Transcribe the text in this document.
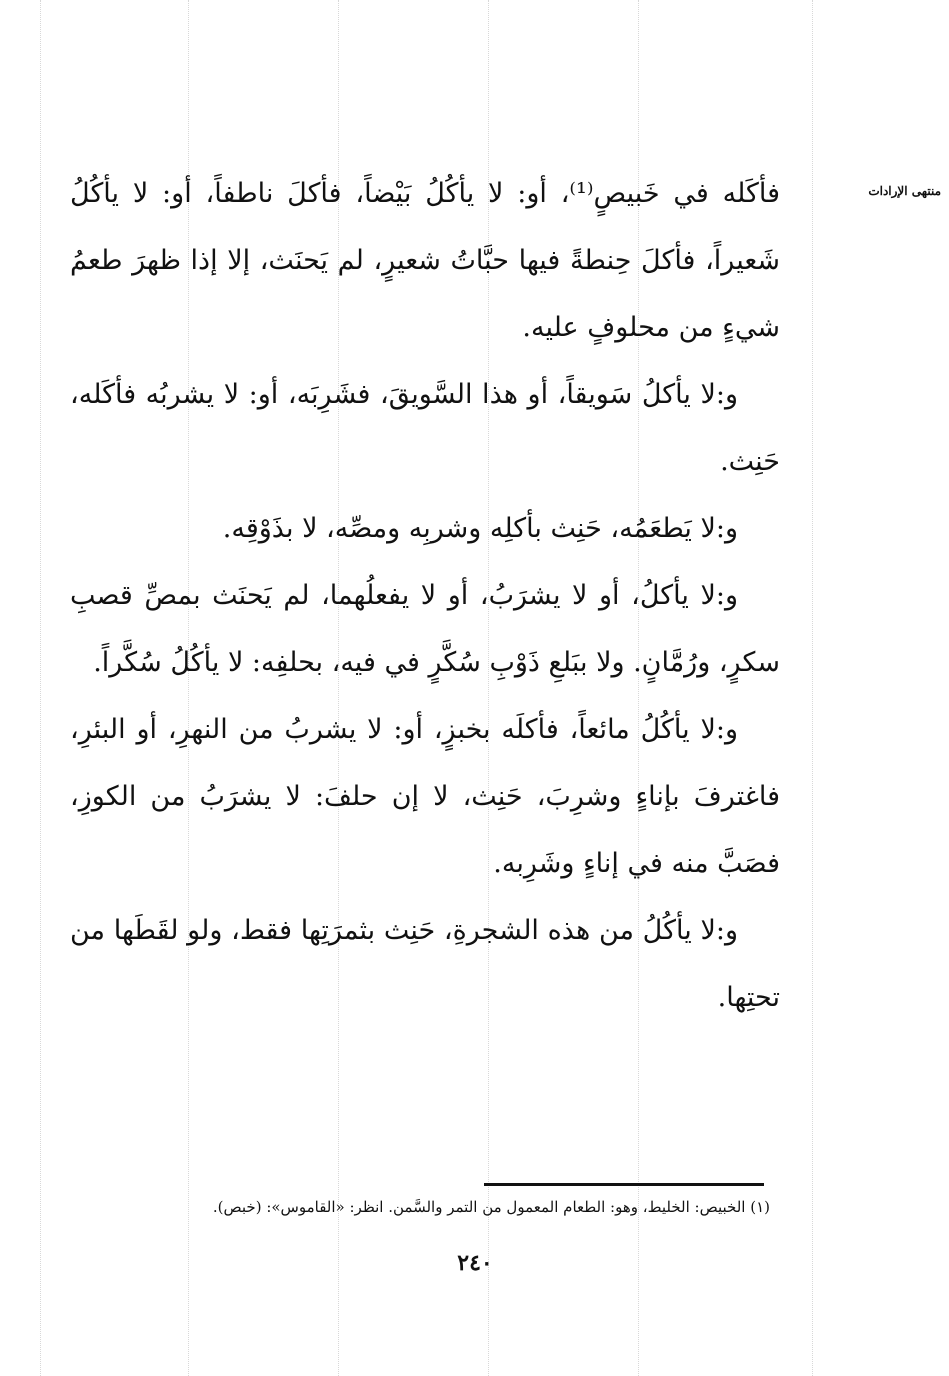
منتهى الإرادات

فأكَله في خَبيصٍ⁽¹⁾، أو: لا يأكُلُ بَيْضاً، فأكلَ ناطفاً، أو: لا يأكُلُ شَعيراً، فأكلَ حِنطةً فيها حبَّاتُ شعيرٍ، لم يَحنَث، إلا إذا ظهرَ طعمُ شيءٍ من محلوفٍ عليه.

و:لا يأكلُ سَويقاً، أو هذا السَّويقَ، فشَرِبَه، أو: لا يشربُه فأكَله، حَنِث.

و:لا يَطعَمُه، حَنِث بأكلِه وشربِه ومصِّه، لا بذَوْقِه.

و:لا يأكلُ، أو لا يشرَبُ، أو لا يفعلُهما، لم يَحنَث بمصِّ قصبِ سكرٍ، ورُمَّانٍ. ولا ببَلعِ ذَوْبِ سُكَّرٍ في فيه، بحلفِه: لا يأكُلُ سُكَّراً.

و:لا يأكُلُ مائعاً، فأكلَه بخبزٍ، أو: لا يشربُ من النهرِ، أو البئرِ، فاغترفَ بإناءٍ وشرِبَ، حَنِث، لا إن حلفَ: لا يشرَبُ من الكوزِ، فصَبَّ منه في إناءٍ وشَرِبه.

و:لا يأكُلُ من هذه الشجرةِ، حَنِث بثمرَتِها فقط، ولو لقَطَها من تحتِها.

(١) الخبيص: الخليط، وهو: الطعام المعمول من التمر والسَّمن. انظر: «القاموس»: (خبص).
٢٤٠
